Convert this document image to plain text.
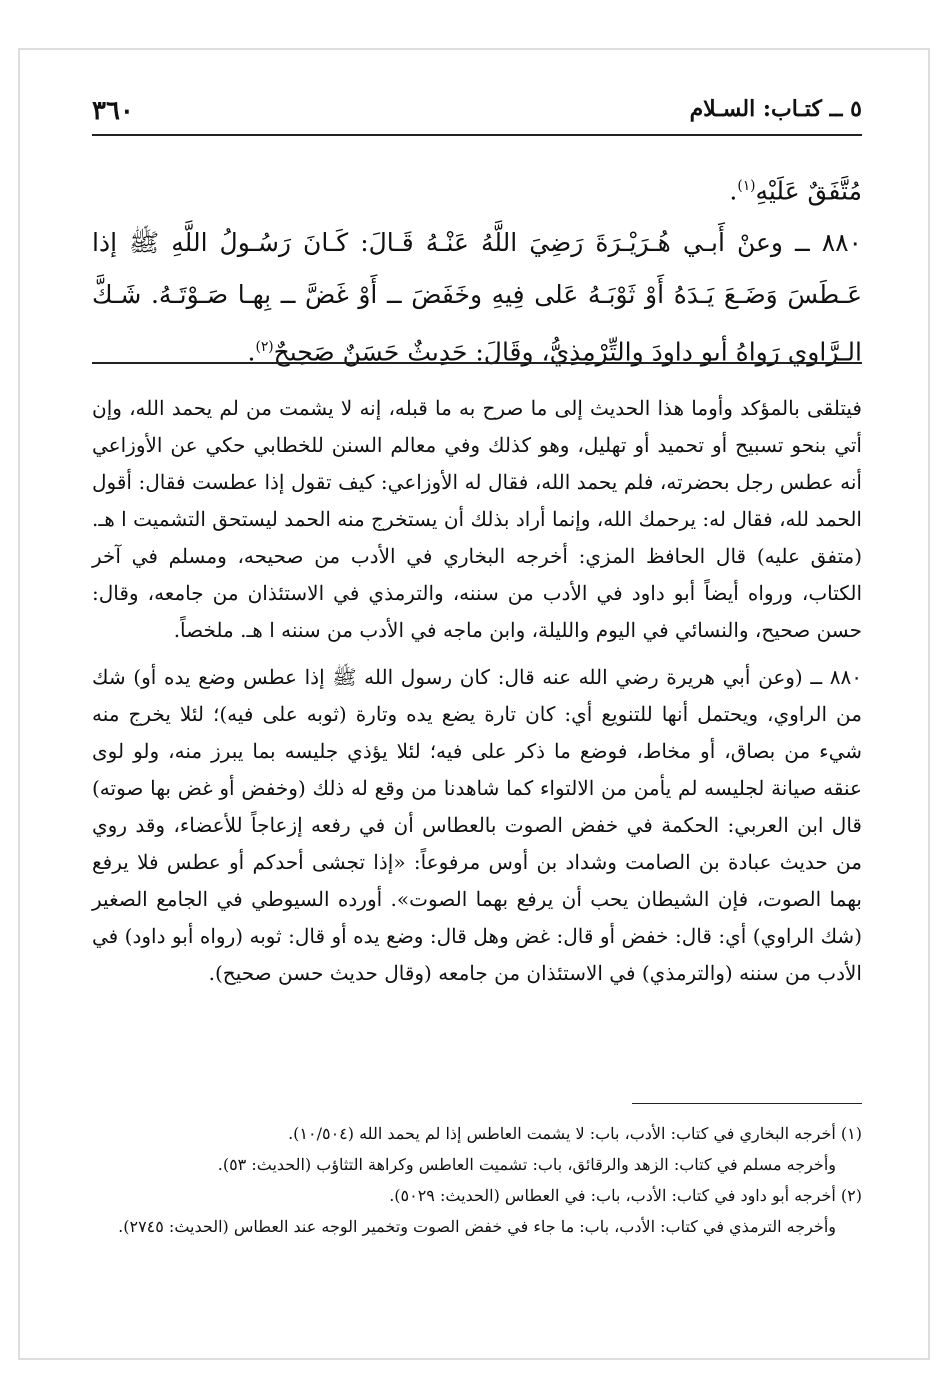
٣٦٠	٥ ــ كتـاب: السـلام

مُتَّفَقٌ عَلَيْهِ$^{(١)}$.

٨٨٠ ــ وعنْ أَبـي هُـرَيْـرَةَ رَضِيَ اللَّهُ عَنْـهُ قَـالَ: كَـانَ رَسُـولُ اللَّهِ ﷺ إذا عَـطَسَ وَضَـعَ يَـدَهُ أَوْ ثَوْبَـهُ عَلى فِيهِ وخَفَضَ ــ أَوْ غَضَّ ــ بِهـا صَـوْتَـهُ. شَـكَّ الـرَّاوي رَواهُ أبو داودَ والتِّرْمِذِيُّ، وقَالَ: حَدِيثٌ حَسَنٌ صَحِيحٌ$^{(٢)}$.

فيتلقى بالمؤكد وأوما هذا الحديث إلى ما صرح به ما قبله، إنه لا يشمت من لم يحمد الله، وإن أتي بنحو تسبيح أو تحميد أو تهليل، وهو كذلك وفي معالم السنن للخطابي حكي عن الأوزاعي أنه عطس رجل بحضرته، فلم يحمد الله، فقال له الأوزاعي: كيف تقول إذا عطست فقال: أقول الحمد لله، فقال له: يرحمك الله، وإنما أراد بذلك أن يستخرج منه الحمد ليستحق التشميت ا هـ. (متفق عليه) قال الحافظ المزي: أخرجه البخاري في الأدب من صحيحه، ومسلم في آخر الكتاب، ورواه أيضاً أبو داود في الأدب من سننه، والترمذي في الاستئذان من جامعه، وقال: حسن صحيح، والنسائي في اليوم والليلة، وابن ماجه في الأدب من سننه ا هـ. ملخصاً.

٨٨٠ ــ (وعن أبي هريرة رضي الله عنه قال: كان رسول الله ﷺ إذا عطس وضع يده أو) شك من الراوي، ويحتمل أنها للتنويع أي: كان تارة يضع يده وتارة (ثوبه على فيه)؛ لئلا يخرج منه شيء من بصاق، أو مخاط، فوضع ما ذكر على فيه؛ لئلا يؤذي جليسه بما يبرز منه، ولو لوى عنقه صيانة لجليسه لم يأمن من الالتواء كما شاهدنا من وقع له ذلك (وخفض أو غض بها صوته) قال ابن العربي: الحكمة في خفض الصوت بالعطاس أن في رفعه إزعاجاً للأعضاء، وقد روي من حديث عبادة بن الصامت وشداد بن أوس مرفوعاً: «إذا تجشى أحدكم أو عطس فلا يرفع بهما الصوت، فإن الشيطان يحب أن يرفع بهما الصوت». أورده السيوطي في الجامع الصغير (شك الراوي) أي: قال: خفض أو قال: غض وهل قال: وضع يده أو قال: ثوبه (رواه أبو داود) في الأدب من سننه (والترمذي) في الاستئذان من جامعه (وقال حديث حسن صحيح).

(١) أخرجه البخاري في كتاب: الأدب، باب: لا يشمت العاطس إذا لم يحمد الله (١٠/٥٠٤).

وأخرجه مسلم في كتاب: الزهد والرقائق، باب: تشميت العاطس وكراهة التثاؤب (الحديث: ٥٣).

(٢) أخرجه أبو داود في كتاب: الأدب، باب: في العطاس (الحديث: ٥٠٢٩).

وأخرجه الترمذي في كتاب: الأدب، باب: ما جاء في خفض الصوت وتخمير الوجه عند العطاس (الحديث: ٢٧٤٥).
